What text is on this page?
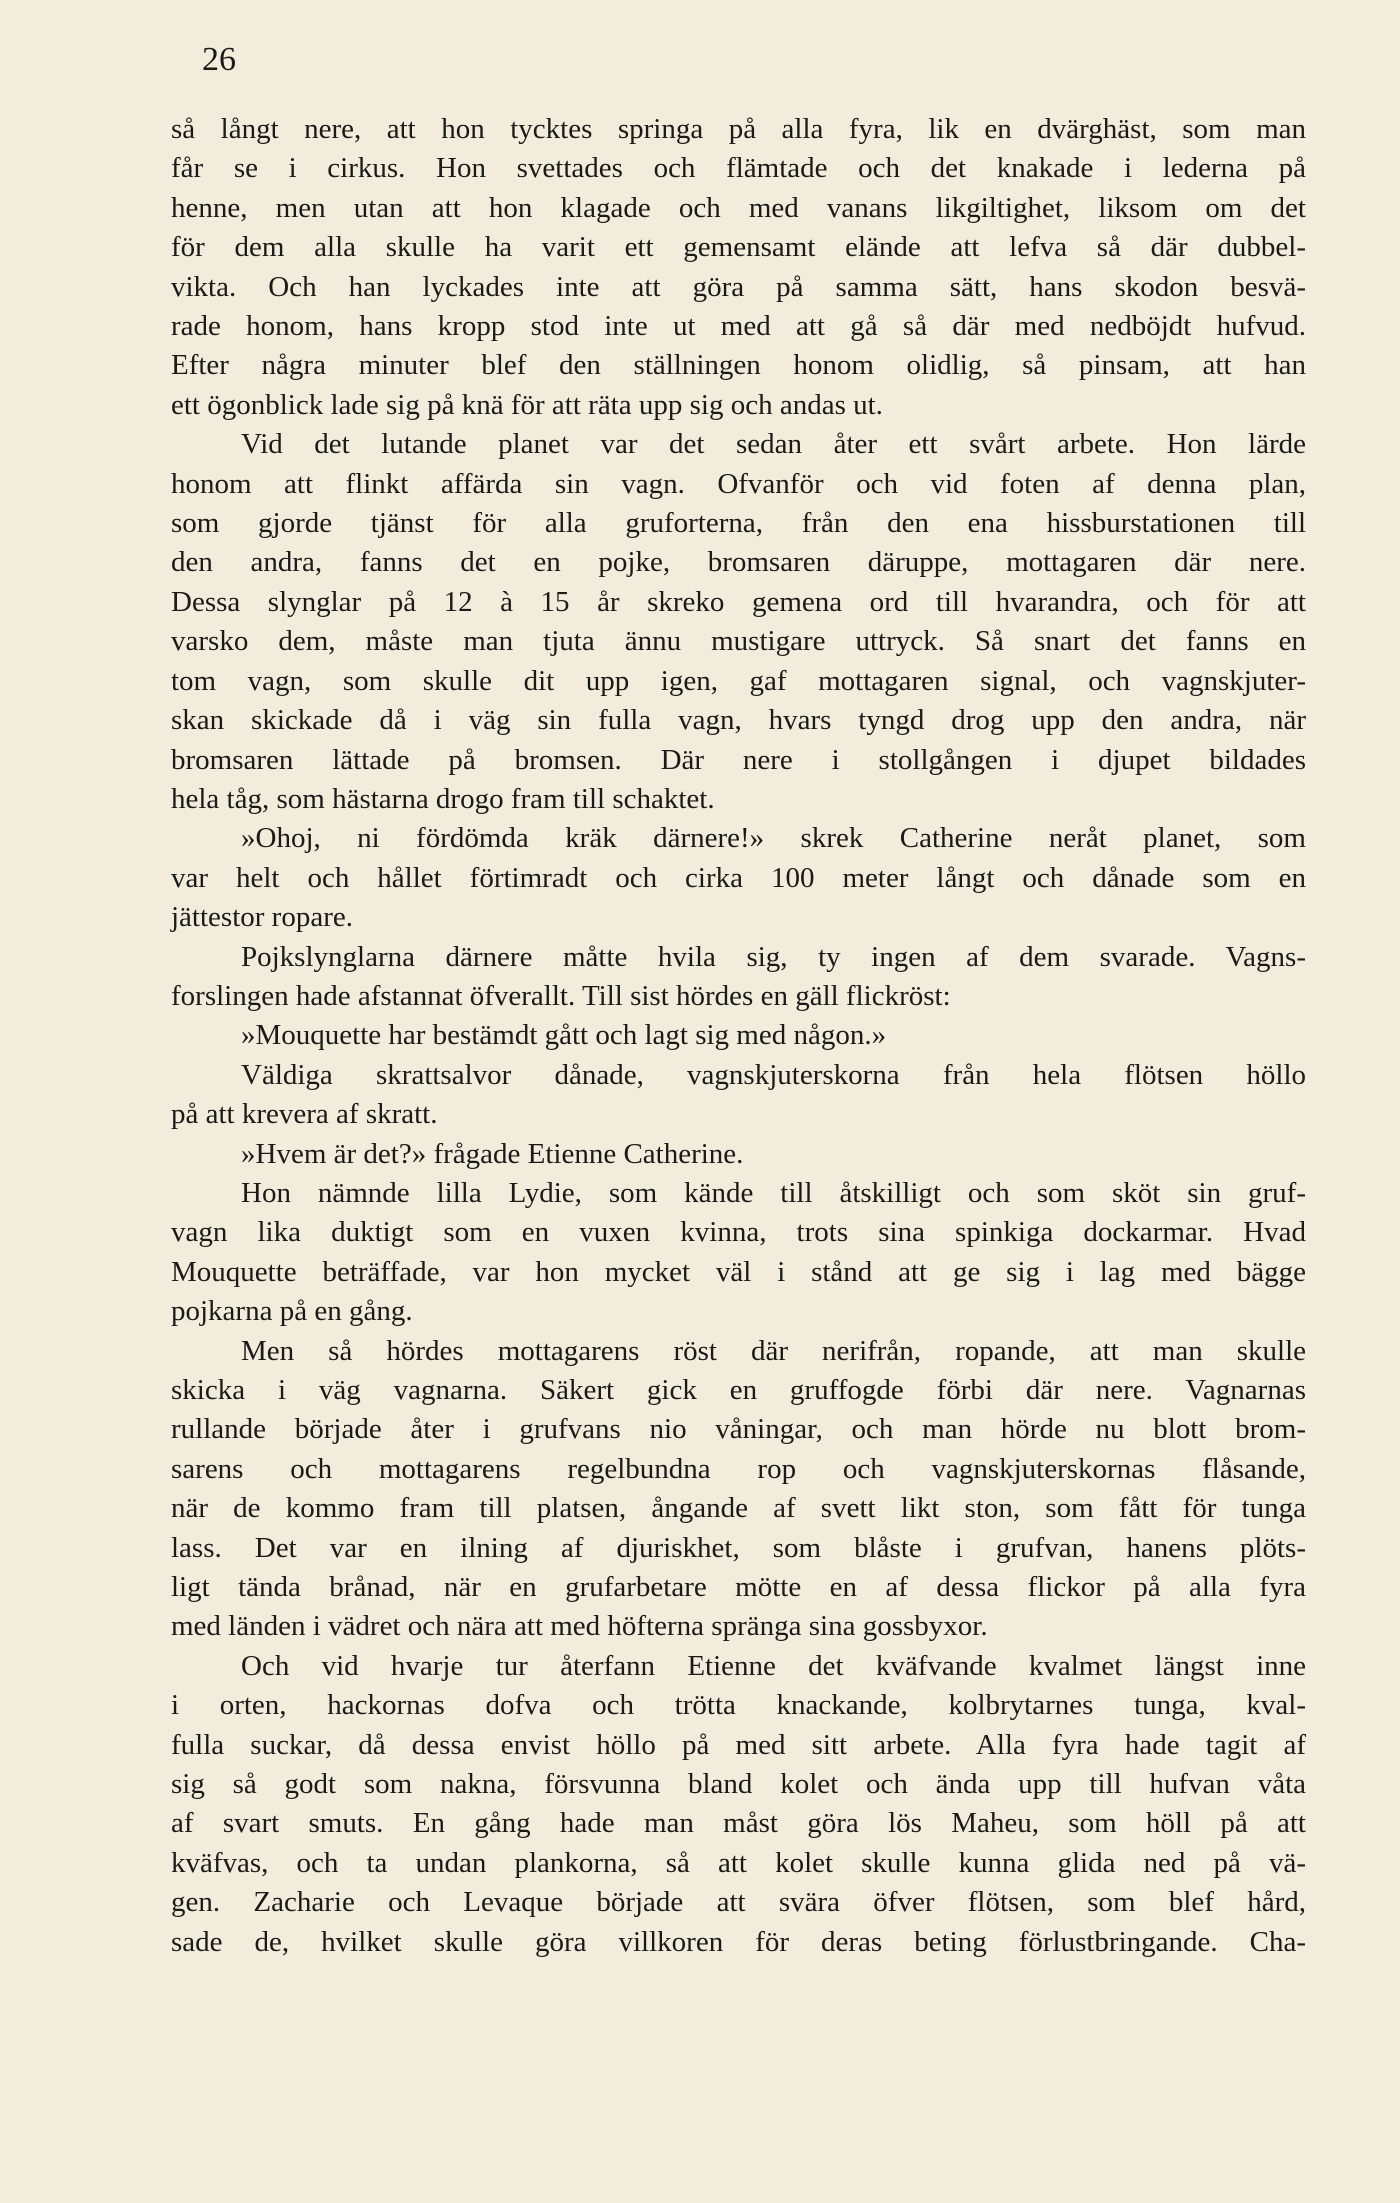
26
så långt nere, att hon tycktes springa på alla fyra, lik en dvärghäst, som man
får se i cirkus. Hon svettades och flämtade och det knakade i lederna på
henne, men utan att hon klagade och med vanans likgiltighet, liksom om det
för dem alla skulle ha varit ett gemensamt elände att lefva så där dubbel-
vikta. Och han lyckades inte att göra på samma sätt, hans skodon besvä-
rade honom, hans kropp stod inte ut med att gå så där med nedböjdt hufvud.
Efter några minuter blef den ställningen honom olidlig, så pinsam, att han
ett ögonblick lade sig på knä för att räta upp sig och andas ut.
Vid det lutande planet var det sedan åter ett svårt arbete. Hon lärde
honom att flinkt affärda sin vagn. Ofvanför och vid foten af denna plan,
som gjorde tjänst för alla gruforterna, från den ena hissburstationen till
den andra, fanns det en pojke, bromsaren däruppe, mottagaren där nere.
Dessa slynglar på 12 à 15 år skreko gemena ord till hvarandra, och för att
varsko dem, måste man tjuta ännu mustigare uttryck. Så snart det fanns en
tom vagn, som skulle dit upp igen, gaf mottagaren signal, och vagnskjuter-
skan skickade då i väg sin fulla vagn, hvars tyngd drog upp den andra, när
bromsaren lättade på bromsen. Där nere i stollgången i djupet bildades
hela tåg, som hästarna drogo fram till schaktet.
»Ohoj, ni fördömda kräk därnere!» skrek Catherine neråt planet, som
var helt och hållet förtimradt och cirka 100 meter långt och dånade som en
jättestor ropare.
Pojkslynglarna därnere måtte hvila sig, ty ingen af dem svarade. Vagns-
forslingen hade afstannat öfverallt. Till sist hördes en gäll flickröst:
»Mouquette har bestämdt gått och lagt sig med någon.»
Väldiga skrattsalvor dånade, vagnskjuterskorna från hela flötsen höllo
på att krevera af skratt.
»Hvem är det?» frågade Etienne Catherine.
Hon nämnde lilla Lydie, som kände till åtskilligt och som sköt sin gruf-
vagn lika duktigt som en vuxen kvinna, trots sina spinkiga dockarmar. Hvad
Mouquette beträffade, var hon mycket väl i stånd att ge sig i lag med bägge
pojkarna på en gång.
Men så hördes mottagarens röst där nerifrån, ropande, att man skulle
skicka i väg vagnarna. Säkert gick en gruffogde förbi där nere. Vagnarnas
rullande började åter i grufvans nio våningar, och man hörde nu blott brom-
sarens och mottagarens regelbundna rop och vagnskjuterskornas flåsande,
när de kommo fram till platsen, ångande af svett likt ston, som fått för tunga
lass. Det var en ilning af djuriskhet, som blåste i grufvan, hanens plöts-
ligt tända brånad, när en grufarbetare mötte en af dessa flickor på alla fyra
med länden i vädret och nära att med höfterna spränga sina gossbyxor.
Och vid hvarje tur återfann Etienne det kväfvande kvalmet längst inne
i orten, hackornas dofva och trötta knackande, kolbrytarnes tunga, kval-
fulla suckar, då dessa envist höllo på med sitt arbete. Alla fyra hade tagit af
sig så godt som nakna, försvunna bland kolet och ända upp till hufvan våta
af svart smuts. En gång hade man måst göra lös Maheu, som höll på att
kväfvas, och ta undan plankorna, så att kolet skulle kunna glida ned på vä-
gen. Zacharie och Levaque började att svära öfver flötsen, som blef hård,
sade de, hvilket skulle göra villkoren för deras beting förlustbringande. Cha-
